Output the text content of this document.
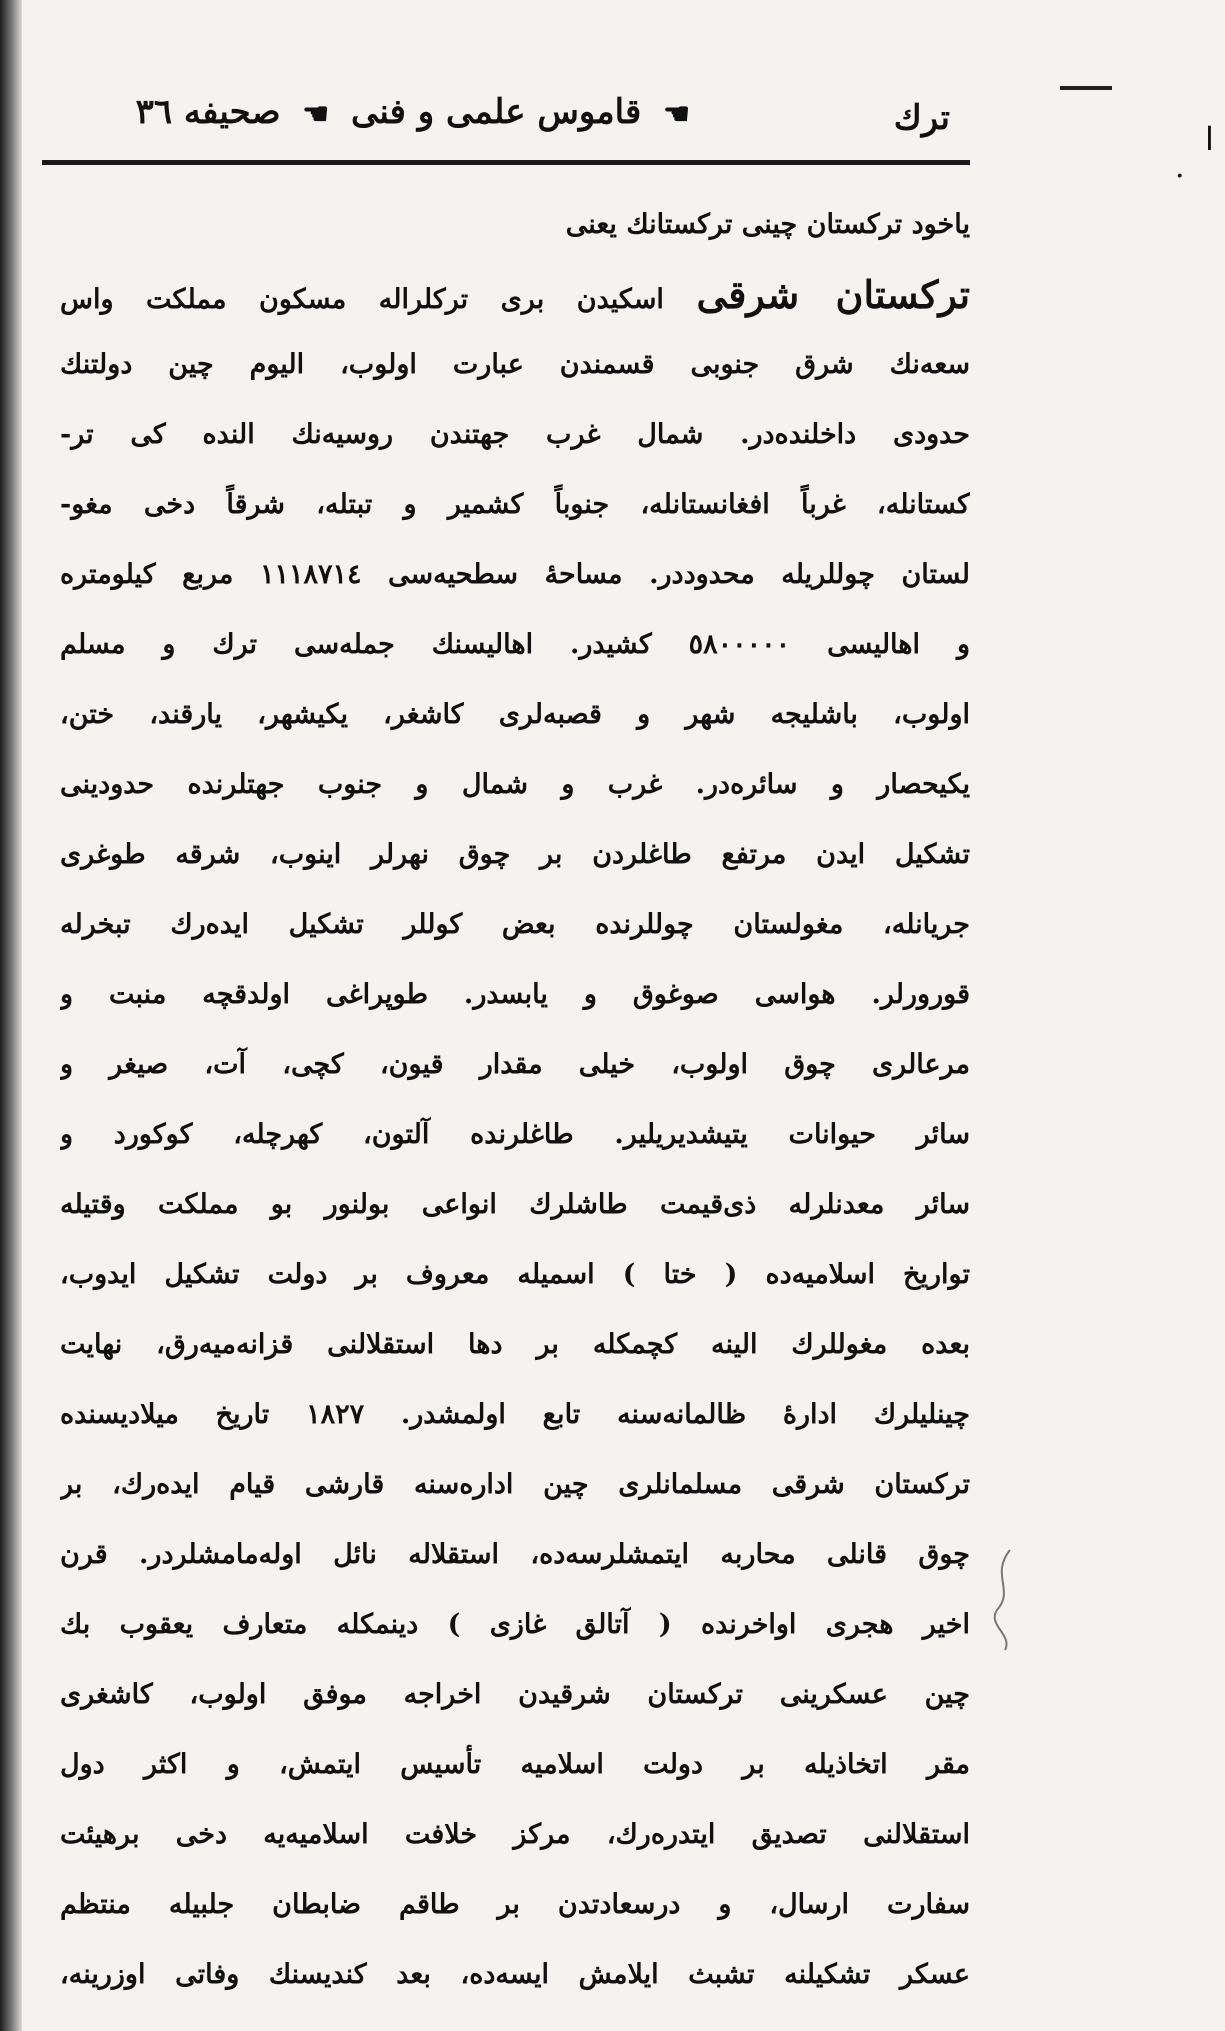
.
ا
ترك
☚ قاموس علمى و فنى ☚ صحيفه ٣٦
ياخود تركستان چينى تركستانك يعنى
تركستان شرقى اسكيدن برى تركلراله مسكون مملكت واس
سعەنك شرق جنوبى قسمندن عبارت اولوب، اليوم چين دولتنك
حدودى داخلندەدر. شمال غرب جهتندن روسيەنك النده كى تر-
كستانله، غرباً افغانستانله، جنوباً كشمير و تبتله، شرقاً دخى مغو-
لستان چوللريله محدوددر. مساحهٔ سطحيەسى ١١١٨٧١٤ مربع كيلومتره
و اهاليسى ٥٨٠٠٠٠٠ كشيدر. اهاليسنك جملەسى ترك و مسلم
اولوب، باشليجه شهر و قصبەلرى كاشغر، يكيشهر، يارقند، ختن،
يكيحصار و سائرەدر. غرب و شمال و جنوب جهتلرنده حدودينى
تشكيل ايدن مرتفع طاغلردن بر چوق نهرلر اينوب، شرقه طوغرى
جريانله، مغولستان چوللرنده بعض كوللر تشكيل ايدەرك تبخرله
قورورلر. هواسى صوغوق و يابسدر. طوپراغى اولدقچه منبت و
مرعالرى چوق اولوب، خيلى مقدار قيون، كچى، آت، صيغر و
سائر حيوانات يتيشديريلير. طاغلرنده آلتون، كهرچله، كوكورد و
سائر معدنلرله ذى‌قيمت طاشلرك انواعى بولنور بو مملكت وقتيله
تواريخ اسلاميەده ( ختا ) اسميله معروف بر دولت تشكيل ايدوب،
بعده مغوللرك الينه كچمكله بر دها استقلالنى قزانەميەرق، نهايت
چينليلرك ادارهٔ ظالمانەسنه تابع اولمشدر. ١٨٢٧ تاريخ ميلاديسنده
تركستان شرقى مسلمانلرى چين ادارەسنه قارشى قيام ايدەرك، بر
چوق قانلى محاربه ايتمشلرسەده، استقلاله نائل اولەمامشلردر. قرن
اخير هجرى اواخرنده ( آتالق غازى ) دينمكله متعارف يعقوب بك
چين عسكرينى تركستان شرقيدن اخراجه موفق اولوب، كاشغرى
مقر اتخاذيله بر دولت اسلاميه تأسيس ايتمش، و اكثر دول
استقلالنى تصديق ايتدرەرك، مركز خلافت اسلاميەيه دخى برهيئت
سفارت ارسال، و درسعادتدن بر طاقم ضابطان جلبيله منتظم
عسكر تشكيلنه تشبث ايلامش ايسەده، بعد كنديسنك وفاتى اوزرينه،
